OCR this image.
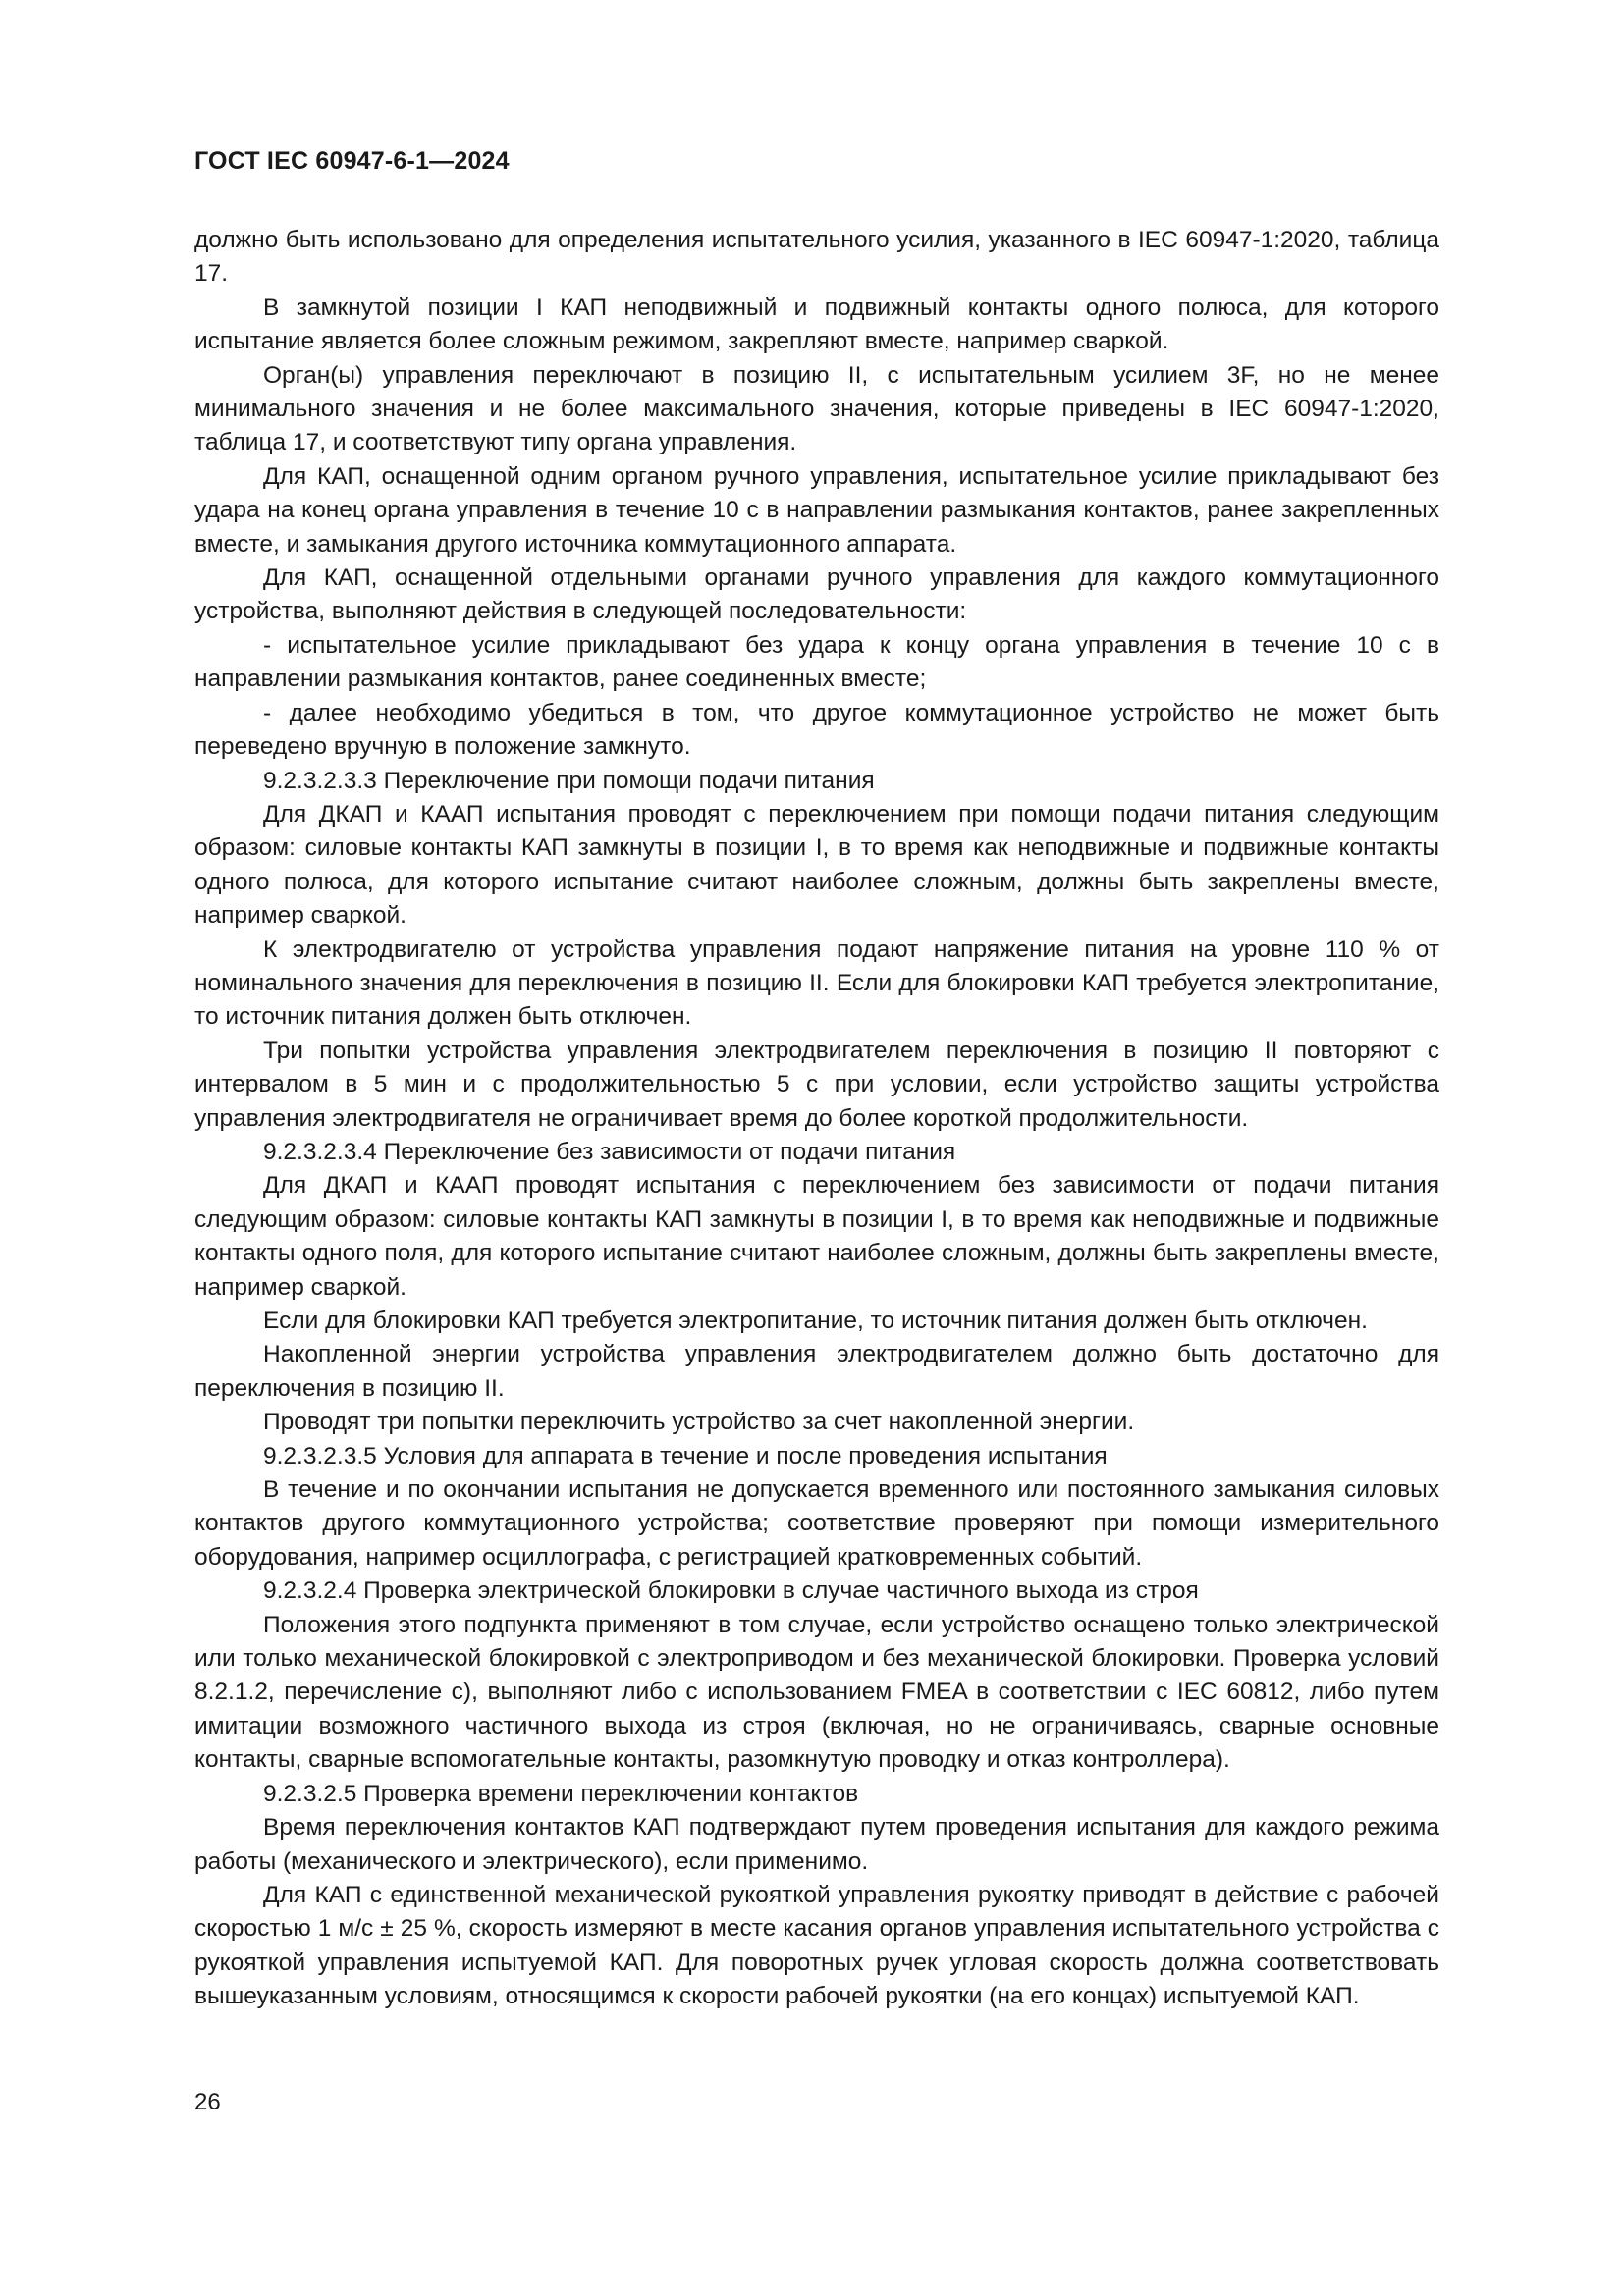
ГОСТ IEC 60947-6-1—2024

должно быть использовано для определения испытательного усилия, указанного в IEC 60947-1:2020, таблица 17.

В замкнутой позиции I КАП неподвижный и подвижный контакты одного полюса, для которого испытание является более сложным режимом, закрепляют вместе, например сваркой.

Орган(ы) управления переключают в позицию II, с испытательным усилием 3F, но не менее минимального значения и не более максимального значения, которые приведены в IEC 60947-1:2020, таблица 17, и соответствуют типу органа управления.

Для КАП, оснащенной одним органом ручного управления, испытательное усилие прикладывают без удара на конец органа управления в течение 10 с в направлении размыкания контактов, ранее закрепленных вместе, и замыкания другого источника коммутационного аппарата.

Для КАП, оснащенной отдельными органами ручного управления для каждого коммутационного устройства, выполняют действия в следующей последовательности:

- испытательное усилие прикладывают без удара к концу органа управления в течение 10 с в направлении размыкания контактов, ранее соединенных вместе;

- далее необходимо убедиться в том, что другое коммутационное устройство не может быть переведено вручную в положение замкнуто.

9.2.3.2.3.3 Переключение при помощи подачи питания

Для ДКАП и КААП испытания проводят с переключением при помощи подачи питания следующим образом: силовые контакты КАП замкнуты в позиции I, в то время как неподвижные и подвижные контакты одного полюса, для которого испытание считают наиболее сложным, должны быть закреплены вместе, например сваркой.

К электродвигателю от устройства управления подают напряжение питания на уровне 110 % от номинального значения для переключения в позицию II. Если для блокировки КАП требуется электропитание, то источник питания должен быть отключен.

Три попытки устройства управления электродвигателем переключения в позицию II повторяют с интервалом в 5 мин и с продолжительностью 5 с при условии, если устройство защиты устройства управления электродвигателя не ограничивает время до более короткой продолжительности.

9.2.3.2.3.4 Переключение без зависимости от подачи питания

Для ДКАП и КААП проводят испытания с переключением без зависимости от подачи питания следующим образом: силовые контакты КАП замкнуты в позиции I, в то время как неподвижные и подвижные контакты одного поля, для которого испытание считают наиболее сложным, должны быть закреплены вместе, например сваркой.

Если для блокировки КАП требуется электропитание, то источник питания должен быть отключен.

Накопленной энергии устройства управления электродвигателем должно быть достаточно для переключения в позицию II.

Проводят три попытки переключить устройство за счет накопленной энергии.

9.2.3.2.3.5 Условия для аппарата в течение и после проведения испытания

В течение и по окончании испытания не допускается временного или постоянного замыкания силовых контактов другого коммутационного устройства; соответствие проверяют при помощи измерительного оборудования, например осциллографа, с регистрацией кратковременных событий.

9.2.3.2.4 Проверка электрической блокировки в случае частичного выхода из строя

Положения этого подпункта применяют в том случае, если устройство оснащено только электрической или только механической блокировкой с электроприводом и без механической блокировки. Проверка условий 8.2.1.2, перечисление с), выполняют либо с использованием FMEA в соответствии с IEC 60812, либо путем имитации возможного частичного выхода из строя (включая, но не ограничиваясь, сварные основные контакты, сварные вспомогательные контакты, разомкнутую проводку и отказ контроллера).

9.2.3.2.5 Проверка времени переключении контактов

Время переключения контактов КАП подтверждают путем проведения испытания для каждого режима работы (механического и электрического), если применимо.

Для КАП с единственной механической рукояткой управления рукоятку приводят в действие с рабочей скоростью 1 м/с ± 25 %, скорость измеряют в месте касания органов управления испытательного устройства с рукояткой управления испытуемой КАП. Для поворотных ручек угловая скорость должна соответствовать вышеуказанным условиям, относящимся к скорости рабочей рукоятки (на его концах) испытуемой КАП.

26
